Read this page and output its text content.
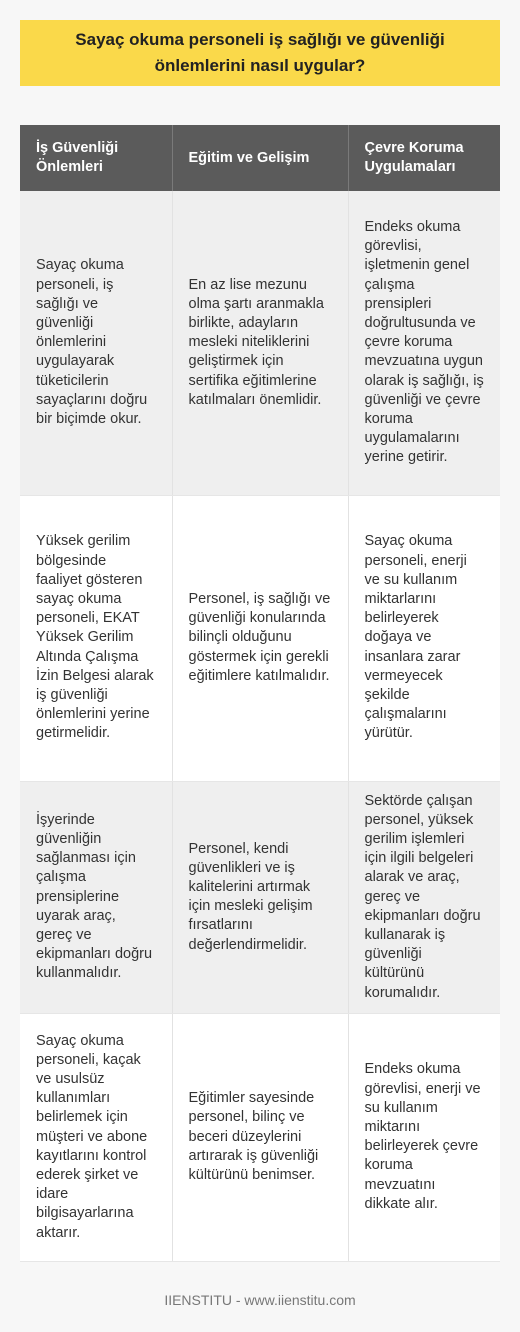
Sayaç okuma personeli iş sağlığı ve güvenliği önlemlerini nasıl uygular?
İş Güvenliği Önlemleri	Eğitim ve Gelişim	Çevre Koruma Uygulamaları
Sayaç okuma personeli, iş sağlığı ve güvenliği önlemlerini uygulayarak tüketicilerin sayaçlarını doğru bir biçimde okur.	En az lise mezunu olma şartı aranmakla birlikte, adayların mesleki niteliklerini geliştirmek için sertifika eğitimlerine katılmaları önemlidir.	Endeks okuma görevlisi, işletmenin genel çalışma prensipleri doğrultusunda ve çevre koruma mevzuatına uygun olarak iş sağlığı, iş güvenliği ve çevre koruma uygulamalarını yerine getirir.
Yüksek gerilim bölgesinde faaliyet gösteren sayaç okuma personeli, EKAT Yüksek Gerilim Altında Çalışma İzin Belgesi alarak iş güvenliği önlemlerini yerine getirmelidir.	Personel, iş sağlığı ve güvenliği konularında bilinçli olduğunu göstermek için gerekli eğitimlere katılmalıdır.	Sayaç okuma personeli, enerji ve su kullanım miktarlarını belirleyerek doğaya ve insanlara zarar vermeyecek şekilde çalışmalarını yürütür.
İşyerinde güvenliğin sağlanması için çalışma prensiplerine uyarak araç, gereç ve ekipmanları doğru kullanmalıdır.	Personel, kendi güvenlikleri ve iş kalitelerini artırmak için mesleki gelişim fırsatlarını değerlendirmelidir.	Sektörde çalışan personel, yüksek gerilim işlemleri için ilgili belgeleri alarak ve araç, gereç ve ekipmanları doğru kullanarak iş güvenliği kültürünü korumalıdır.
Sayaç okuma personeli, kaçak ve usulsüz kullanımları belirlemek için müşteri ve abone kayıtlarını kontrol ederek şirket ve idare bilgisayarlarına aktarır.	Eğitimler sayesinde personel, bilinç ve beceri düzeylerini artırarak iş güvenliği kültürünü benimser.	Endeks okuma görevlisi, enerji ve su kullanım miktarını belirleyerek çevre koruma mevzuatını dikkate alır.
IIENSTITU - www.iienstitu.com
